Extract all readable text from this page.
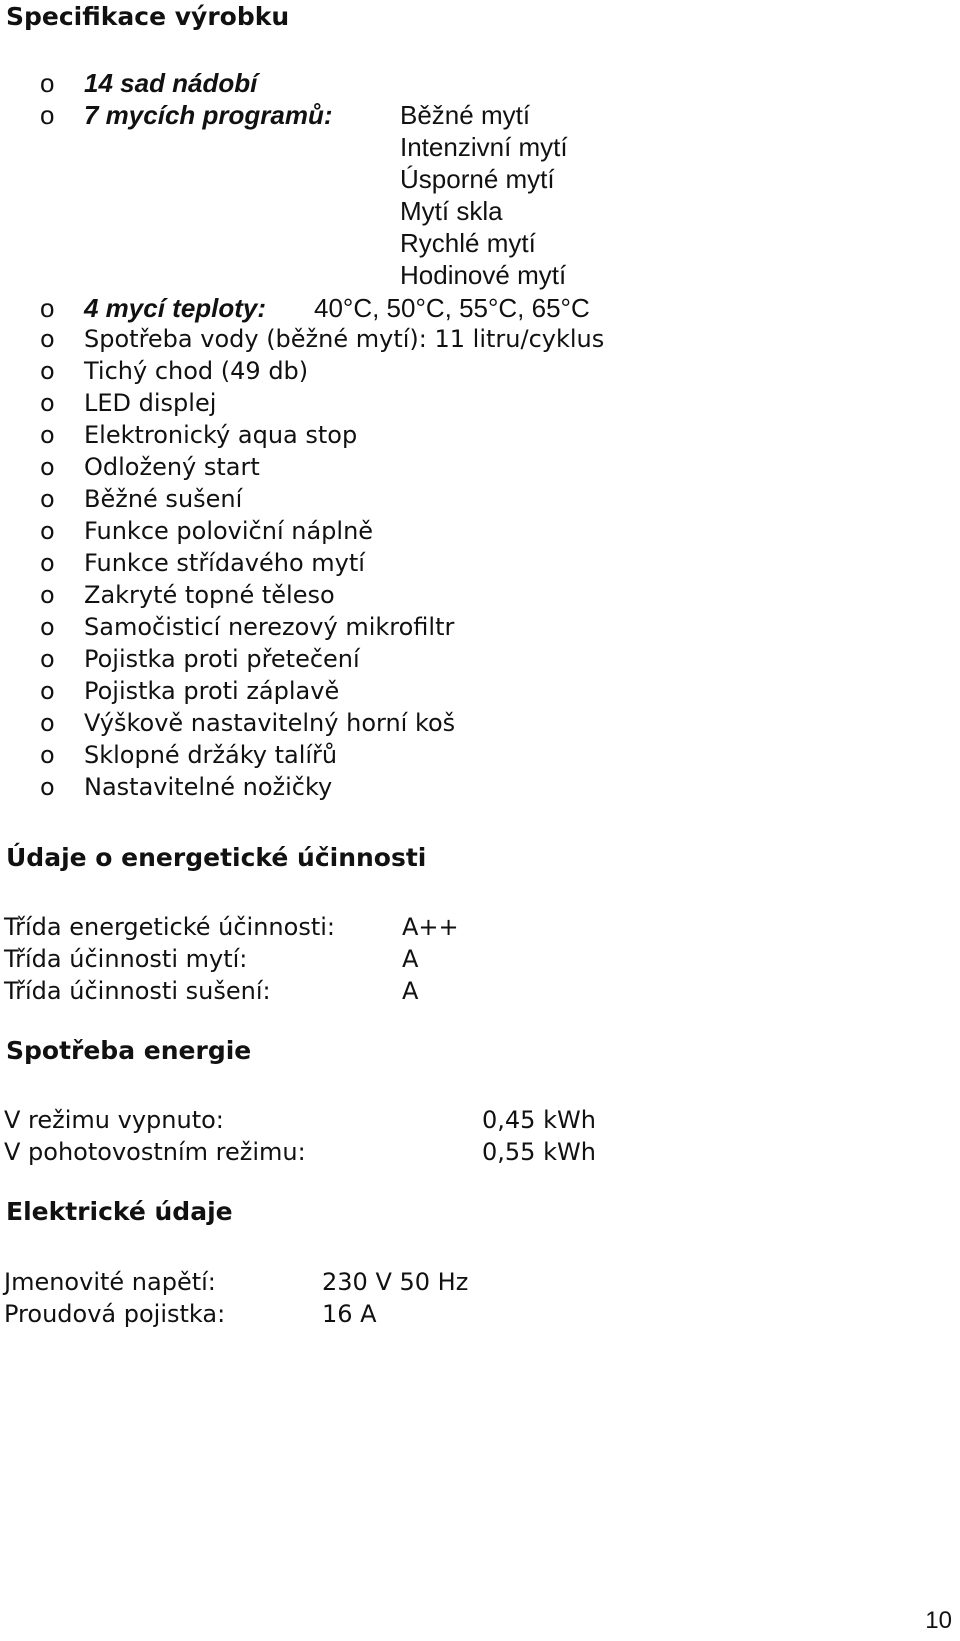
Specifikace výrobku
o 14 sad nádobí
o 7 mycích programů:	Běžné mytí
Intenzivní mytí
Úsporné mytí
Mytí skla
Rychlé mytí
Hodinové mytí
o 4 mycí teploty: 40°C, 50°C, 55°C, 65°C
o Spotřeba vody (běžné mytí): 11 litru/cyklus
o Tichý chod (49 db)
o LED displej
o Elektronický aqua stop
o Odložený start
o Běžné sušení
o Funkce poloviční náplně
o Funkce střídavého mytí
o Zakryté topné těleso
o Samočisticí nerezový mikrofiltr
o Pojistka proti přetečení
o Pojistka proti záplavě
o Výškově nastavitelný horní koš
o Sklopné držáky talířů
o Nastavitelné nožičky
Údaje o energetické účinnosti
Třída energetické účinnosti:	A++
Třída účinnosti mytí:	A
Třída účinnosti sušení:	A
Spotřeba energie
V režimu vypnuto:	0,45 kWh
V pohotovostním režimu:	0,55 kWh
Elektrické údaje
Jmenovité napětí:	230 V 50 Hz
Proudová pojistka:	16 A
10
